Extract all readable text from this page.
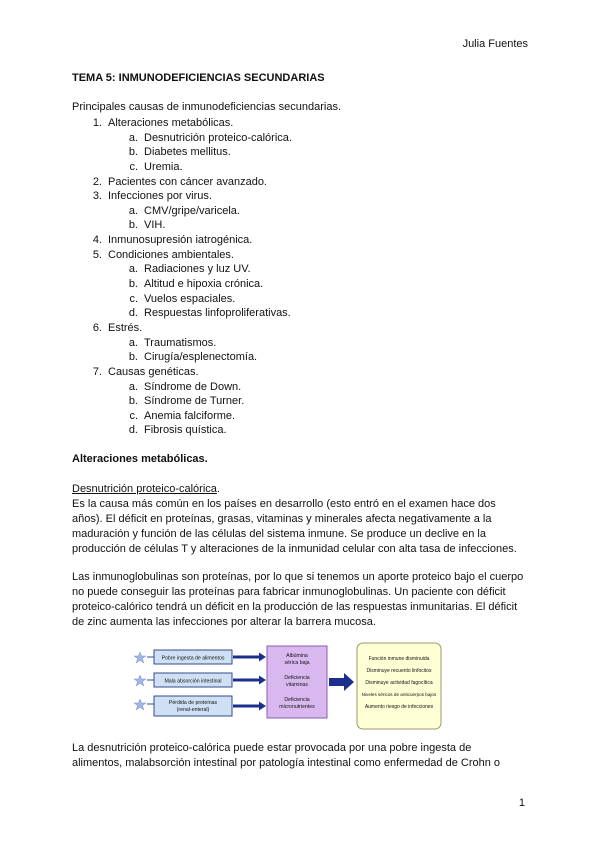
Julia Fuentes
TEMA 5: INMUNODEFICIENCIAS SECUNDARIAS
Principales causas de inmunodeficiencias secundarias.
1. Alteraciones metabólicas.
a. Desnutrición proteico-calórica.
b. Diabetes mellitus.
c. Uremia.
2. Pacientes con cáncer avanzado.
3. Infecciones por virus.
a. CMV/gripe/varicela.
b. VIH.
4. Inmunosupresión iatrogénica.
5. Condiciones ambientales.
a. Radiaciones y luz UV.
b. Altitud e hipoxia crónica.
c. Vuelos espaciales.
d. Respuestas linfoproliferativas.
6. Estrés.
a. Traumatismos.
b. Cirugía/esplenectomía.
7. Causas genéticas.
a. Síndrome de Down.
b. Síndrome de Turner.
c. Anemia falciforme.
d. Fibrosis quística.
Alteraciones metabólicas.
Desnutrición proteico-calórica.
Es la causa más común en los países en desarrollo (esto entró en el examen hace dos
años). El déficit en proteínas, grasas, vitaminas y minerales afecta negativamente a la
maduración y función de las células del sistema inmune. Se produce un declive en la
producción de células T y alteraciones de la inmunidad celular con alta tasa de infecciones.
Las inmunoglobulinas son proteínas, por lo que si tenemos un aporte proteico bajo el cuerpo
no puede conseguir las proteínas para fabricar inmunoglobulinas. Un paciente con déficit
proteico-calórico tendrá un déficit en la producción de las respuestas inmunitarias. El déficit
de zinc aumenta las infecciones por alterar la barrera mucosa.
Pobre ingesta de alimentos
Mala absorción intestinal
Pérdida de proteínas
(renal-enteral)
Albúmina
sérica baja
Deficiencia
vitaminas
Deficiencia
micronutrientes
Función inmune disminuida
Disminuye recuento linfocitos
Disminuye actividad fagocítica
Niveles séricos de anticuerpos bajos
Aumento riesgo de infecciones
La desnutrición proteico-calórica puede estar provocada por una pobre ingesta de
alimentos, malabsorción intestinal por patología intestinal como enfermedad de Crohn o
1
